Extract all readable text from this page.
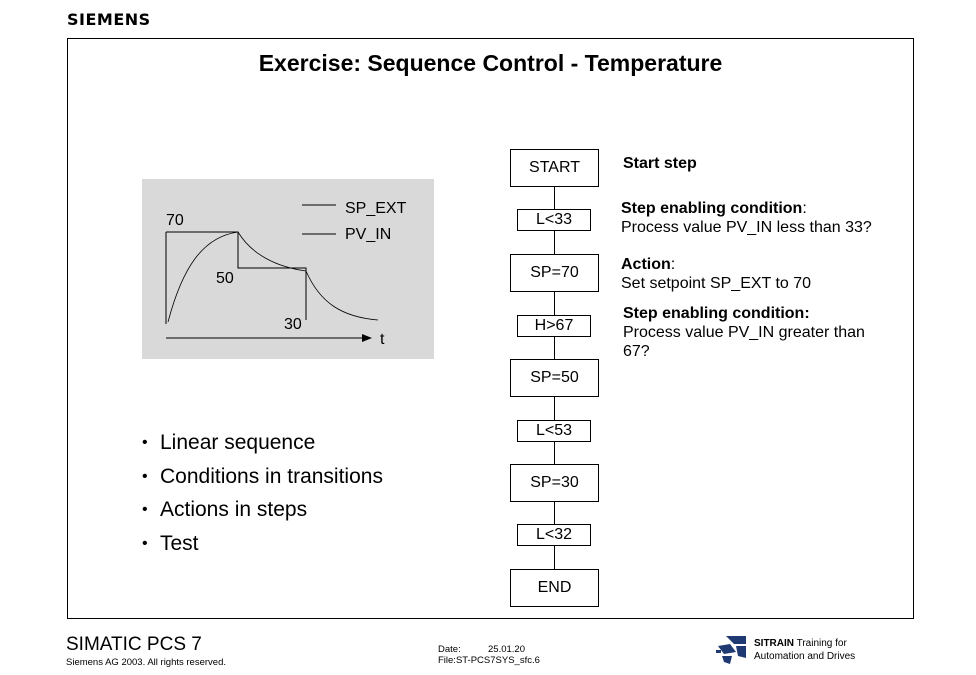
SIEMENS
Exercise: Sequence Control - Temperature
SP_EXT
PV_IN
70
50
30
t
START
L<33
SP=70
H>67
SP=50
L<53
SP=30
L<32
END
Start step
Step enabling condition:
Process value PV_IN less than 33?
Action:
Set setpoint SP_EXT to 70
Step enabling condition:
Process value PV_IN greater than
67?
• Linear sequence
• Conditions in transitions
• Actions in steps
• Test
SIMATIC PCS 7
Siemens AG 2003. All rights reserved.
Date:	25.01.20
File:ST-PCS7SYS_sfc.6
SITRAIN Training for
Automation and Drives
